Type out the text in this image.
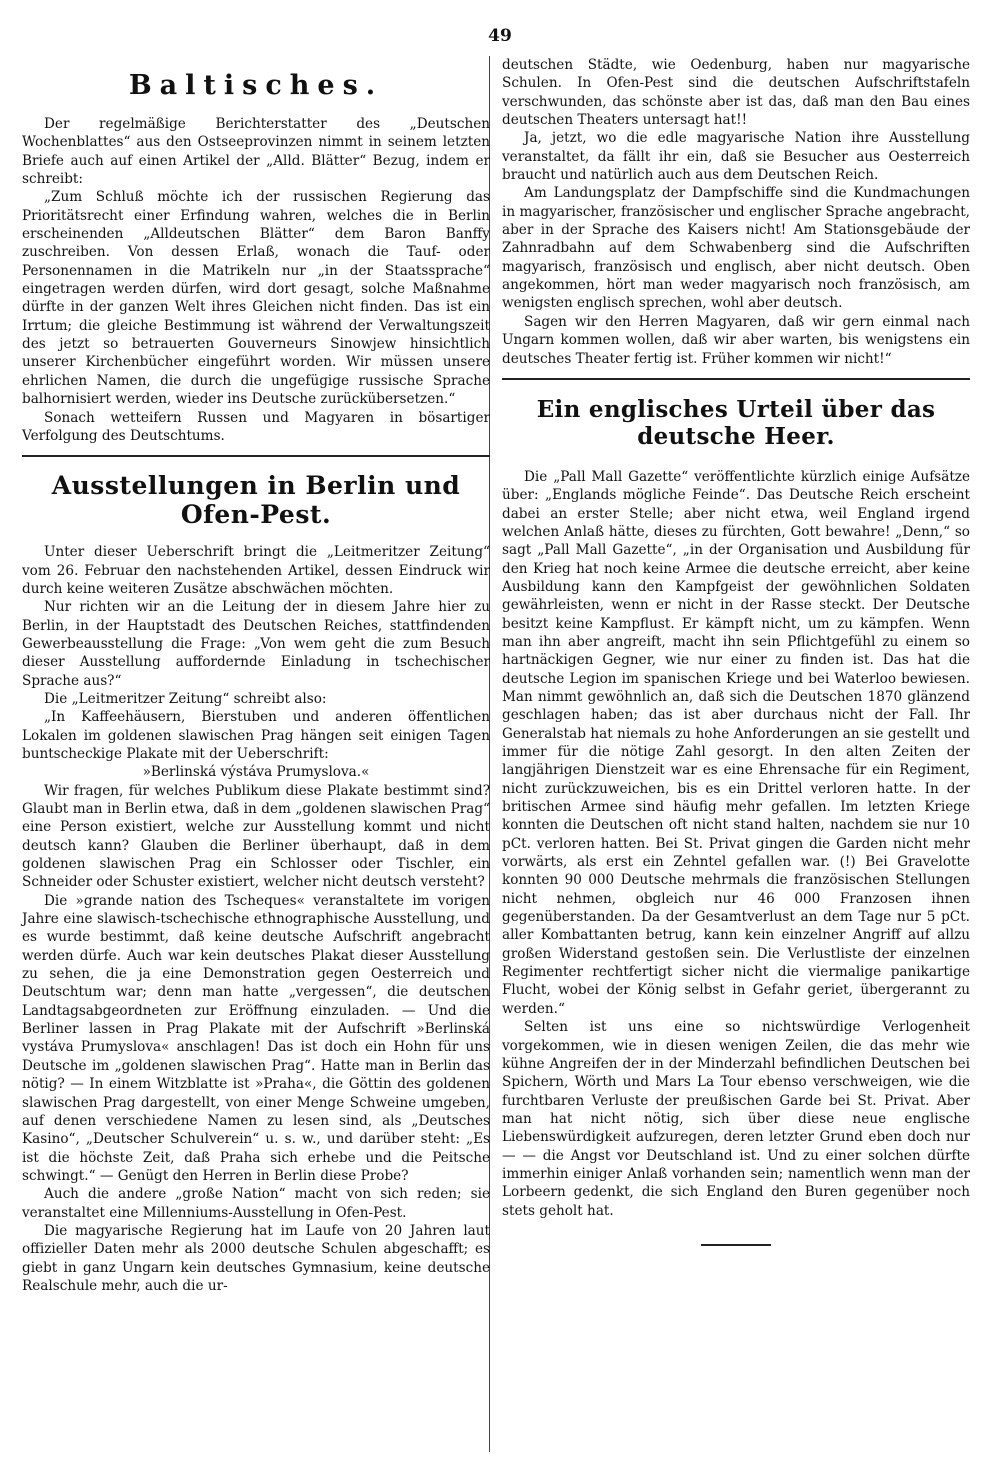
49
Baltisches.

Der regelmäßige Berichterstatter des „Deutschen Wochenblattes“ aus den Ostseeprovinzen nimmt in seinem letzten Briefe auch auf einen Artikel der „Alld. Blätter“ Bezug, indem er schreibt:

„Zum Schluß möchte ich der russischen Regierung das Prioritätsrecht einer Erfindung wahren, welches die in Berlin erscheinenden „Alldeutschen Blätter“ dem Baron Banffy zuschreiben. Von dessen Erlaß, wonach die Tauf- oder Personennamen in die Matrikeln nur „in der Staatssprache“ eingetragen werden dürfen, wird dort gesagt, solche Maßnahme dürfte in der ganzen Welt ihres Gleichen nicht finden. Das ist ein Irrtum; die gleiche Bestimmung ist während der Verwaltungszeit des jetzt so betrauerten Gouverneurs Sinowjew hinsichtlich unserer Kirchenbücher eingeführt worden. Wir müssen unsere ehrlichen Namen, die durch die ungefügige russische Sprache balhornisiert werden, wieder ins Deutsche zurückübersetzen.“

Sonach wetteifern Russen und Magyaren in bösartiger Verfolgung des Deutschtums.

Ausstellungen in Berlin und Ofen-Pest.

Unter dieser Ueberschrift bringt die „Leitmeritzer Zeitung“ vom 26. Februar den nachstehenden Artikel, dessen Eindruck wir durch keine weiteren Zusätze abschwächen möchten.

Nur richten wir an die Leitung der in diesem Jahre hier zu Berlin, in der Hauptstadt des Deutschen Reiches, stattfindenden Gewerbeausstellung die Frage: „Von wem geht die zum Besuch dieser Ausstellung auffordernde Einladung in tschechischer Sprache aus?“

Die „Leitmeritzer Zeitung“ schreibt also:

„In Kaffeehäusern, Bierstuben und anderen öffentlichen Lokalen im goldenen slawischen Prag hängen seit einigen Tagen buntscheckige Plakate mit der Ueberschrift:

»Berlinská výstáva Prumyslova.«

Wir fragen, für welches Publikum diese Plakate bestimmt sind? Glaubt man in Berlin etwa, daß in dem „goldenen slawischen Prag“ eine Person existiert, welche zur Ausstellung kommt und nicht deutsch kann? Glauben die Berliner überhaupt, daß in dem goldenen slawischen Prag ein Schlosser oder Tischler, ein Schneider oder Schuster existiert, welcher nicht deutsch versteht?

Die »grande nation des Tscheques« veranstaltete im vorigen Jahre eine slawisch-tschechische ethnographische Ausstellung, und es wurde bestimmt, daß keine deutsche Aufschrift angebracht werden dürfe. Auch war kein deutsches Plakat dieser Ausstellung zu sehen, die ja eine Demonstration gegen Oesterreich und Deutschtum war; denn man hatte „vergessen“, die deutschen Landtagsabgeordneten zur Eröffnung einzuladen. — Und die Berliner lassen in Prag Plakate mit der Aufschrift »Berlinská vystáva Prumyslova« anschlagen! Das ist doch ein Hohn für uns Deutsche im „goldenen slawischen Prag“. Hatte man in Berlin das nötig? — In einem Witzblatte ist »Praha«, die Göttin des goldenen slawischen Prag dargestellt, von einer Menge Schweine umgeben, auf denen verschiedene Namen zu lesen sind, als „Deutsches Kasino“, „Deutscher Schulverein“ u. s. w., und darüber steht: „Es ist die höchste Zeit, daß Praha sich erhebe und die Peitsche schwingt.“ — Genügt den Herren in Berlin diese Probe?

Auch die andere „große Nation“ macht von sich reden; sie veranstaltet eine Millenniums-Ausstellung in Ofen-Pest.

Die magyarische Regierung hat im Laufe von 20 Jahren laut offizieller Daten mehr als 2000 deutsche Schulen abgeschafft; es giebt in ganz Ungarn kein deutsches Gymnasium, keine deutsche Realschule mehr, auch die ur-

deutschen Städte, wie Oedenburg, haben nur magyarische Schulen. In Ofen-Pest sind die deutschen Aufschriftstafeln verschwunden, das schönste aber ist das, daß man den Bau eines deutschen Theaters untersagt hat!!

Ja, jetzt, wo die edle magyarische Nation ihre Ausstellung veranstaltet, da fällt ihr ein, daß sie Besucher aus Oesterreich braucht und natürlich auch aus dem Deutschen Reich.

Am Landungsplatz der Dampfschiffe sind die Kundmachungen in magyarischer, französischer und englischer Sprache angebracht, aber in der Sprache des Kaisers nicht! Am Stationsgebäude der Zahnradbahn auf dem Schwabenberg sind die Aufschriften magyarisch, französisch und englisch, aber nicht deutsch. Oben angekommen, hört man weder magyarisch noch französisch, am wenigsten englisch sprechen, wohl aber deutsch.

Sagen wir den Herren Magyaren, daß wir gern einmal nach Ungarn kommen wollen, daß wir aber warten, bis wenigstens ein deutsches Theater fertig ist. Früher kommen wir nicht!“

Ein englisches Urteil über das deutsche Heer.

Die „Pall Mall Gazette“ veröffentlichte kürzlich einige Aufsätze über: „Englands mögliche Feinde“. Das Deutsche Reich erscheint dabei an erster Stelle; aber nicht etwa, weil England irgend welchen Anlaß hätte, dieses zu fürchten, Gott bewahre! „Denn,“ so sagt „Pall Mall Gazette“, „in der Organisation und Ausbildung für den Krieg hat noch keine Armee die deutsche erreicht, aber keine Ausbildung kann den Kampfgeist der gewöhnlichen Soldaten gewährleisten, wenn er nicht in der Rasse steckt. Der Deutsche besitzt keine Kampflust. Er kämpft nicht, um zu kämpfen. Wenn man ihn aber angreift, macht ihn sein Pflichtgefühl zu einem so hartnäckigen Gegner, wie nur einer zu finden ist. Das hat die deutsche Legion im spanischen Kriege und bei Waterloo bewiesen. Man nimmt gewöhnlich an, daß sich die Deutschen 1870 glänzend geschlagen haben; das ist aber durchaus nicht der Fall. Ihr Generalstab hat niemals zu hohe Anforderungen an sie gestellt und immer für die nötige Zahl gesorgt. In den alten Zeiten der langjährigen Dienstzeit war es eine Ehrensache für ein Regiment, nicht zurückzuweichen, bis es ein Drittel verloren hatte. In der britischen Armee sind häufig mehr gefallen. Im letzten Kriege konnten die Deutschen oft nicht stand halten, nachdem sie nur 10 pCt. verloren hatten. Bei St. Privat gingen die Garden nicht mehr vorwärts, als erst ein Zehntel gefallen war. (!) Bei Gravelotte konnten 90 000 Deutsche mehrmals die französischen Stellungen nicht nehmen, obgleich nur 46 000 Franzosen ihnen gegenüberstanden. Da der Gesamtverlust an dem Tage nur 5 pCt. aller Kombattanten betrug, kann kein einzelner Angriff auf allzu großen Widerstand gestoßen sein. Die Verlustliste der einzelnen Regimenter rechtfertigt sicher nicht die viermalige panikartige Flucht, wobei der König selbst in Gefahr geriet, übergerannt zu werden.“

Selten ist uns eine so nichtswürdige Verlogenheit vorgekommen, wie in diesen wenigen Zeilen, die das mehr wie kühne Angreifen der in der Minderzahl befindlichen Deutschen bei Spichern, Wörth und Mars La Tour ebenso verschweigen, wie die furchtbaren Verluste der preußischen Garde bei St. Privat. Aber man hat nicht nötig, sich über diese neue englische Liebenswürdigkeit aufzuregen, deren letzter Grund eben doch nur — — die Angst vor Deutschland ist. Und zu einer solchen dürfte immerhin einiger Anlaß vorhanden sein; namentlich wenn man der Lorbeern gedenkt, die sich England den Buren gegenüber noch stets geholt hat.
